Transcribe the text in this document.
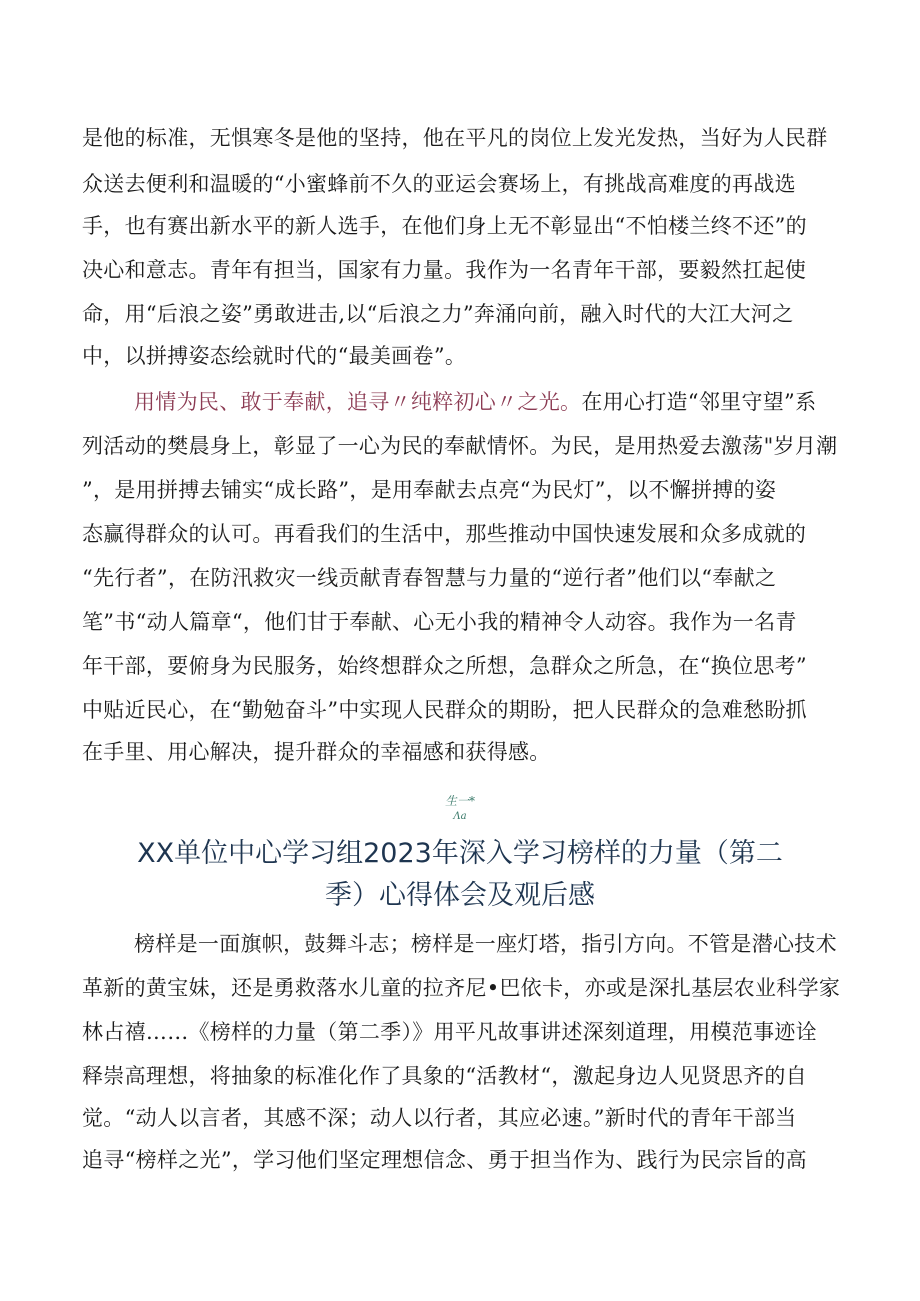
是他的标准，无惧寒冬是他的坚持，他在平凡的岗位上发光发热，当好为人民群
众送去便利和温暖的“小蜜蜂前不久的亚运会赛场上，有挑战高难度的再战选
手，也有赛出新水平的新人选手，在他们身上无不彰显出“不怕楼兰终不还”的
决心和意志。青年有担当，国家有力量。我作为一名青年干部，要毅然扛起使
命，用“后浪之姿”勇敢进击,以“后浪之力”奔涌向前，融入时代的大江大河之
中，以拼搏姿态绘就时代的“最美画卷”。
用情为民、敢于奉献，追寻〃纯粹初心〃之光。在用心打造“邻里守望”系
列活动的樊晨身上，彰显了一心为民的奉献情怀。为民，是用热爱去激荡"岁月潮
”，是用拼搏去铺实“成长路”，是用奉献去点亮“为民灯”，以不懈拼搏的姿
态赢得群众的认可。再看我们的生活中，那些推动中国快速发展和众多成就的
“先行者”，在防汛救灾一线贡献青春智慧与力量的“逆行者”他们以“奉献之
笔”书“动人篇章“，他们甘于奉献、心无小我的精神令人动容。我作为一名青
年干部，要俯身为民服务，始终想群众之所想，急群众之所急，在“换位思考”
中贴近民心，在“勤勉奋斗”中实现人民群众的期盼，把人民群众的急难愁盼抓
在手里、用心解决，提升群众的幸福感和获得感。
生一*
Λa
XX单位中心学习组2023年深入学习榜样的力量（第二
季）心得体会及观后感
榜样是一面旗帜，鼓舞斗志；榜样是一座灯塔，指引方向。不管是潜心技术
革新的黄宝妹，还是勇救落水儿童的拉齐尼•巴依卡，亦或是深扎基层农业科学家
林占禧……《榜样的力量（第二季）》用平凡故事讲述深刻道理，用模范事迹诠
释崇高理想，将抽象的标准化作了具象的“活教材“，激起身边人见贤思齐的自
觉。“动人以言者，其感不深；动人以行者，其应必速。”新时代的青年干部当
追寻“榜样之光”，学习他们坚定理想信念、勇于担当作为、践行为民宗旨的高
